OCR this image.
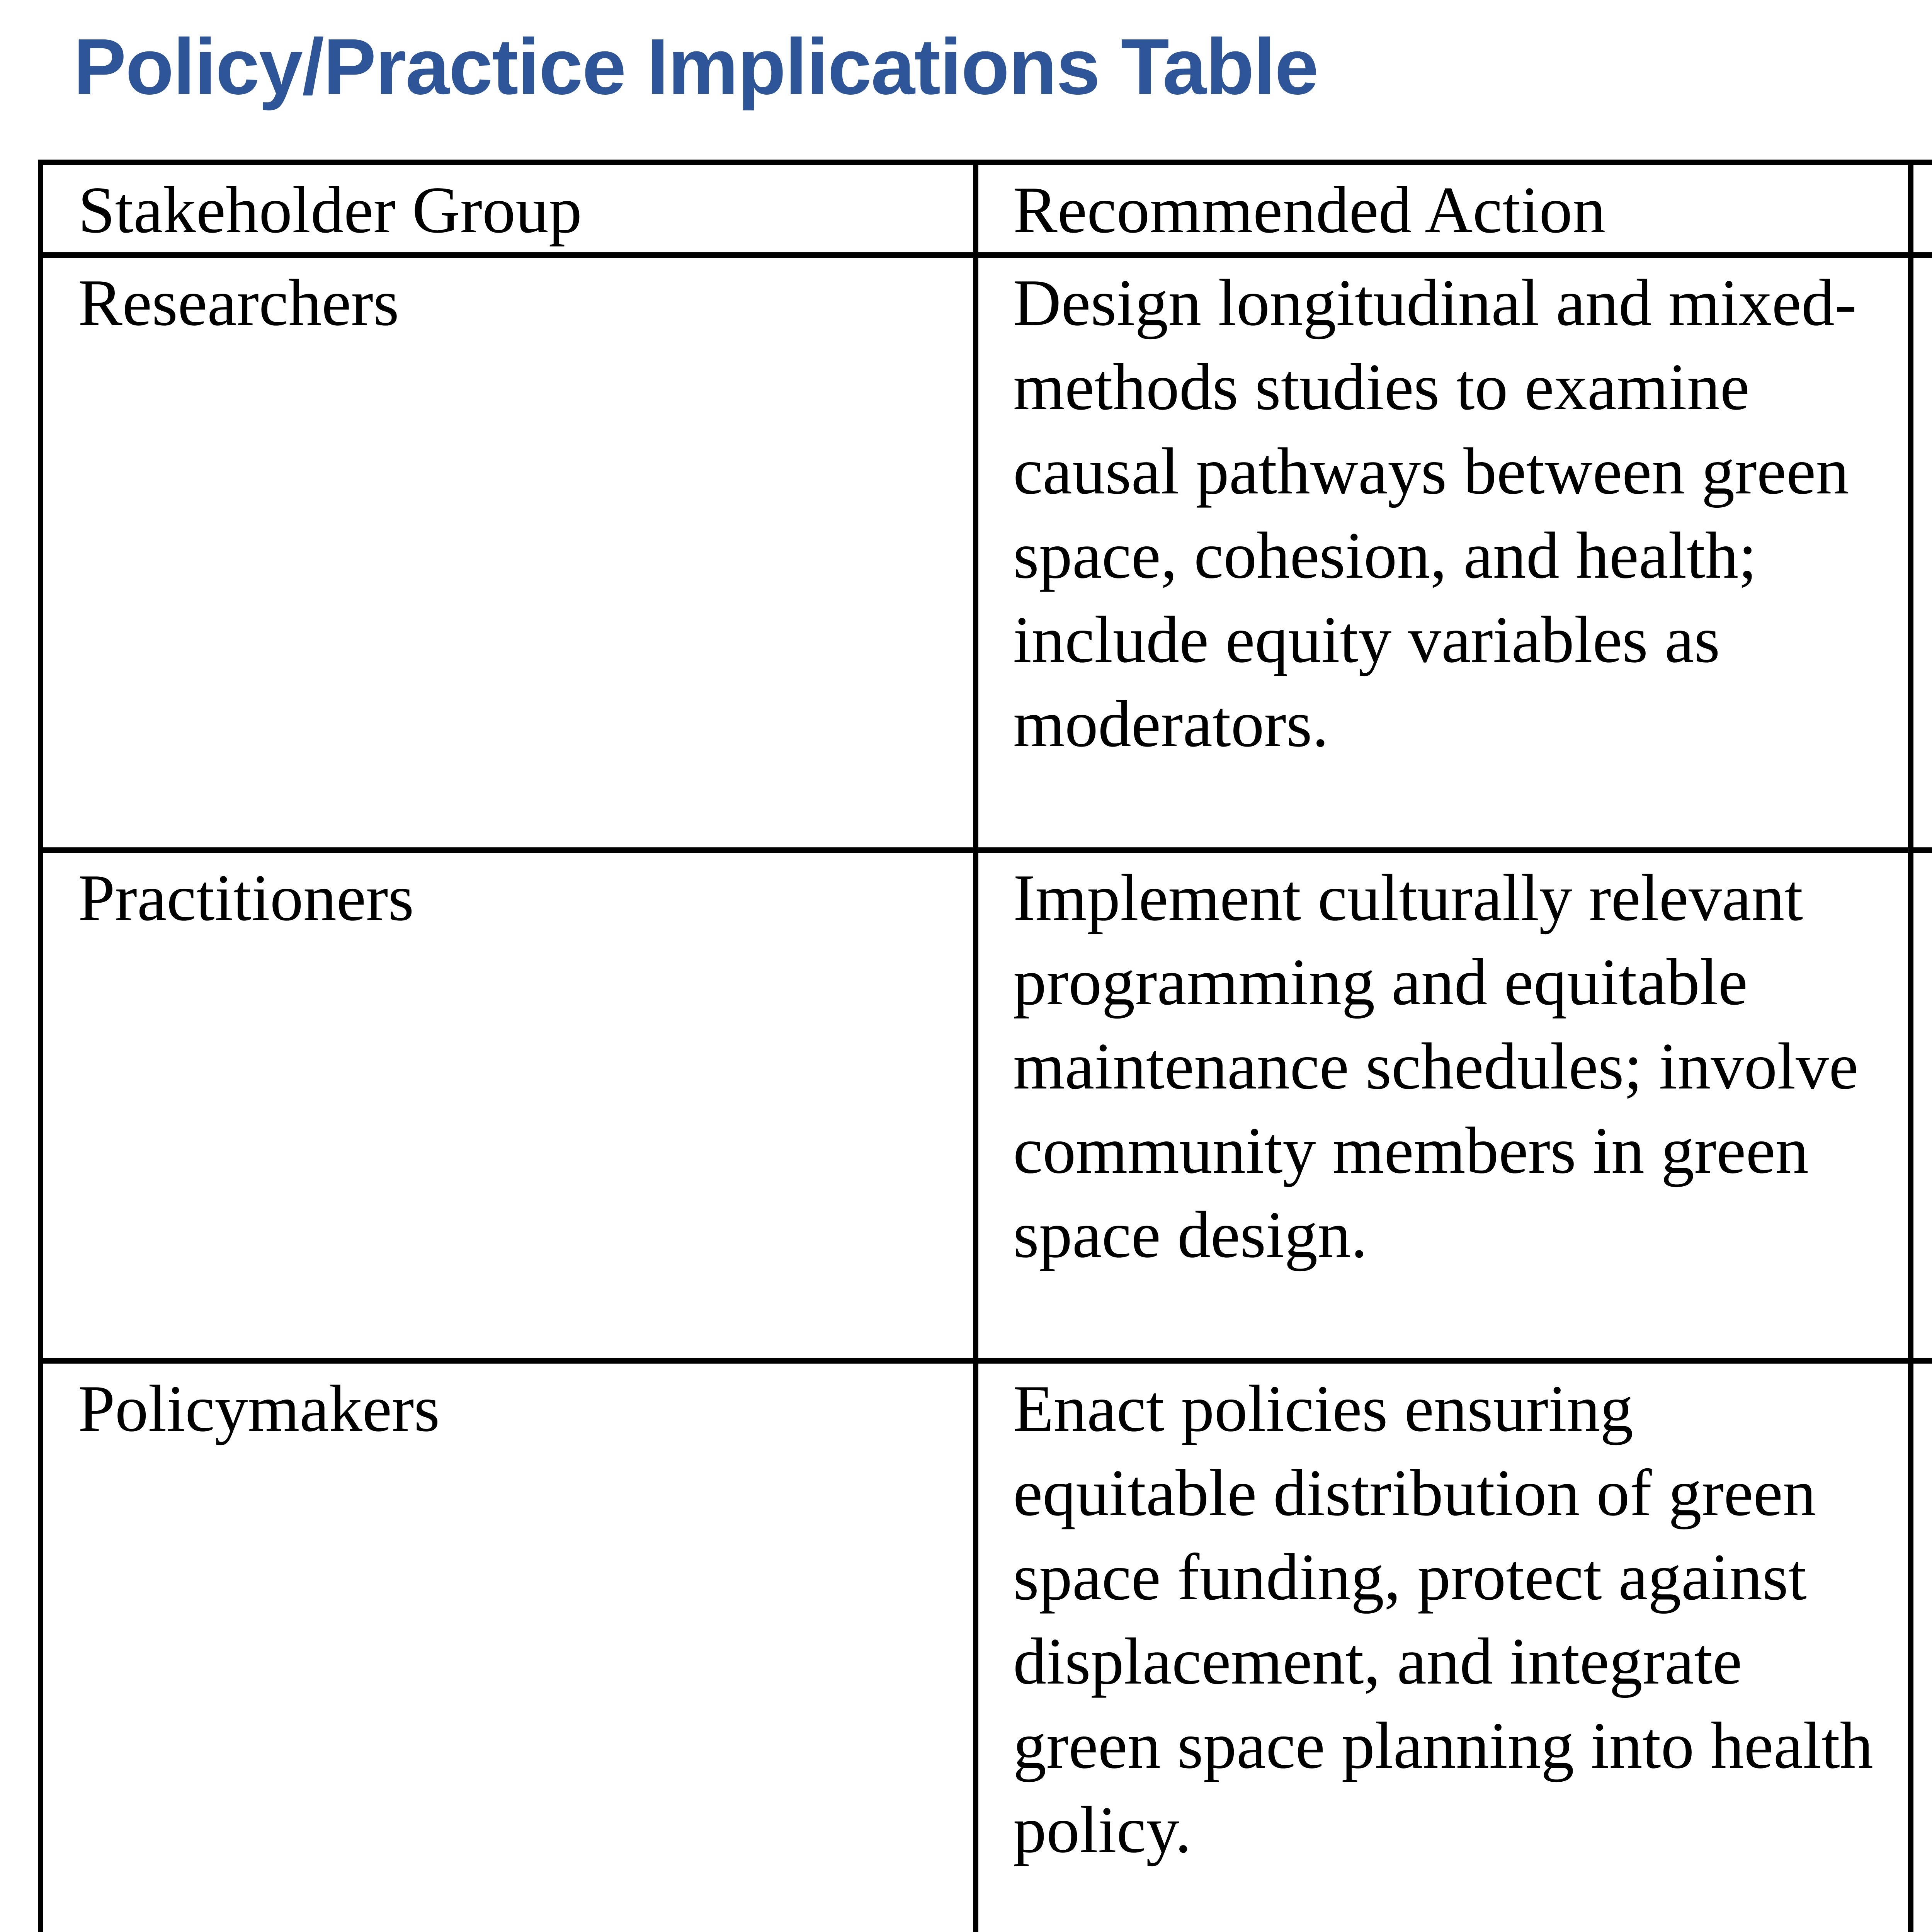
Policy/Practice Implications Table
Stakeholder Group	Recommended Action	
Researchers	Design longitudinal and mixed-methods studies to examine causal pathways between green space, cohesion, and health; include equity variables as moderators.	
Practitioners	Implement culturally relevant programming and equitable maintenance schedules; involve community members in green space design.	
Policymakers	Enact policies ensuring equitable distribution of green space funding, protect against displacement, and integrate green space planning into health policy.	
